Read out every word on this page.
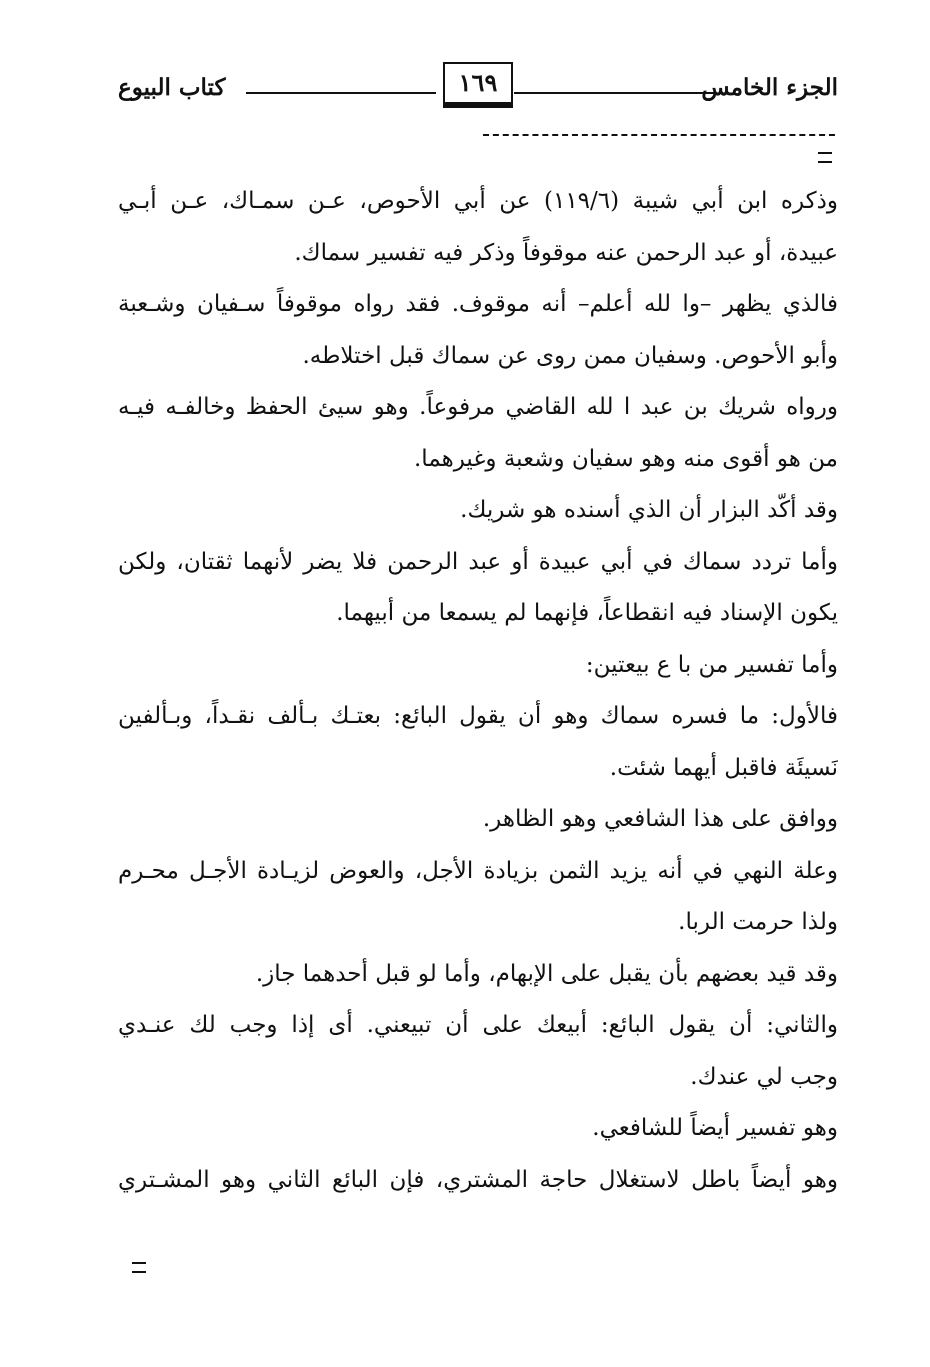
الجزء الخامس
١٦٩
كتاب البيوع
وذكره ابن أبي شيبة (١١٩/٦) عن أبي الأحوص، عـن سمـاك، عـن أبـي
عبيدة، أو عبد الرحمن عنه موقوفاً وذكر فيه تفسير سماك.
فالذي يظهر –وا لله أعلم– أنه موقوف. فقد رواه موقوفاً سـفيان وشـعبة
وأبو الأحوص. وسفيان ممن روى عن سماك قبل اختلاطه.
ورواه شريك بن عبد ا لله القاضي مرفوعاً. وهو سيئ الحفظ وخالفـه فيـه
من هو أقوى منه وهو سفيان وشعبة وغيرهما.
وقد أكّد البزار أن الذي أسنده هو شريك.
وأما تردد سماك في أبي عبيدة أو عبد الرحمن فلا يضر لأنهما ثقتان، ولكن
يكون الإسناد فيه انقطاعاً، فإنهما لم يسمعا من أبيهما.
وأما تفسير من با ع بيعتين:
فالأول: ما فسره سماك وهو أن يقول البائع: بعتـك بـألف نقـداً، وبـألفين
نَسيئَة فاقبل أيهما شئت.
ووافق على هذا الشافعي وهو الظاهر.
وعلة النهي في أنه يزيد الثمن بزيادة الأجل، والعوض لزيـادة الأجـل محـرم
ولذا حرمت الربا.
وقد قيد بعضهم بأن يقبل على الإبهام، وأما لو قبل أحدهما جاز.
والثاني: أن يقول البائع: أبيعك على أن تبيعني. أى إذا وجب لك عنـدي
وجب لي عندك.
وهو تفسير أيضاً للشافعي.
وهو أيضاً باطل لاستغلال حاجة المشتري، فإن البائع الثاني وهو المشـتري
